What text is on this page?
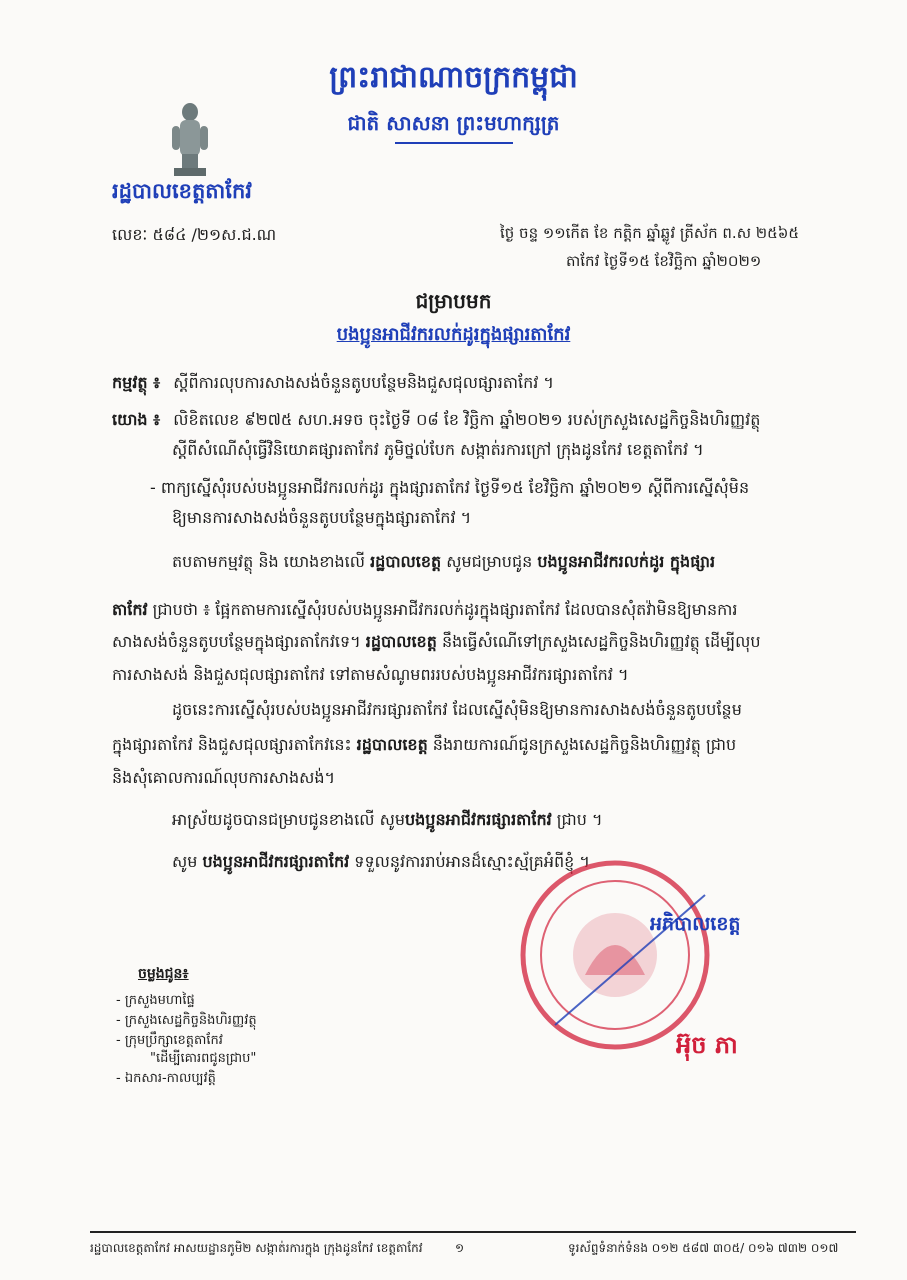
ព្រះរាជាណាចក្រកម្ពុជា
ជាតិ សាសនា ព្រះមហាក្សត្រ
រដ្ឋបាលខេត្តតាកែវ
លេខៈ ៥៨៤ /២១ស.ជ.ណ	ថ្ងៃ ចន្ទ ១១កើត ខែ កត្តិក ឆ្នាំឆ្លូវ ត្រីស័ក ព.ស ២៥៦៥
តាកែវ ថ្ងៃទី១៥ ខែវិច្ឆិកា ឆ្នាំ២០២១
ជម្រាបមក
បងប្អូនអាជីវករលក់ដូរក្នុងផ្សារតាកែវ
កម្មវត្ថុ ៖ ស្តីពីការលុបការសាងសង់ចំនួនតូបបន្ថែមនិងជួសជុលផ្សារតាកែវ ។
យោង ៖ លិខិតលេខ ៩២៧៥ សហ.អទច ចុះថ្ងៃទី ០៨ ខែ វិច្ឆិកា ឆ្នាំ២០២១ របស់ក្រសួងសេដ្ឋកិច្ចនិងហិរញ្ញវត្ថុ
ស្តីពីសំណើសុំធ្វើវិនិយោគផ្សារតាកែវ ភូមិថ្នល់បែក សង្កាត់រការក្រៅ ក្រុងដូនកែវ ខេត្តតាកែវ ។
- ពាក្យស្នើសុំរបស់បងប្អូនអាជីវករលក់ដូរ ក្នុងផ្សារតាកែវ ថ្ងៃទី១៥ ខែវិច្ឆិកា ឆ្នាំ២០២១ ស្តីពីការស្នើសុំមិន
ឱ្យមានការសាងសង់ចំនួនតូបបន្ថែមក្នុងផ្សារតាកែវ ។
តបតាមកម្មវត្ថុ និង យោងខាងលើ រដ្ឋបាលខេត្ត សូមជម្រាបជូន បងប្អូនអាជីវករលក់ដូរ ក្នុងផ្សារ
តាកែវ ជ្រាបថា ៖ ផ្អែកតាមការស្នើសុំរបស់បងប្អូនអាជីវករលក់ដូរក្នុងផ្សារតាកែវ ដែលបានសុំតវ៉ាមិនឱ្យមានការ
សាងសង់ចំនួនតូបបន្ថែមក្នុងផ្សារតាកែវទេ។ រដ្ឋបាលខេត្ត នឹងធ្វើសំណើទៅក្រសួងសេដ្ឋកិច្ចនិងហិរញ្ញវត្ថុ ដើម្បីលុប
ការសាងសង់ និងជួសជុលផ្សារតាកែវ ទៅតាមសំណូមពររបស់បងប្អូនអាជីវករផ្សារតាកែវ ។
ដូចនេះការស្នើសុំរបស់បងប្អូនអាជីវករផ្សារតាកែវ ដែលស្នើសុំមិនឱ្យមានការសាងសង់ចំនួនតូបបន្ថែម
ក្នុងផ្សារតាកែវ និងជួសជុលផ្សារតាកែវនេះ រដ្ឋបាលខេត្ត នឹងរាយការណ៍ជូនក្រសួងសេដ្ឋកិច្ចនិងហិរញ្ញវត្ថុ ជ្រាប
និងសុំគោលការណ៍លុបការសាងសង់។
អាស្រ័យដូចបានជម្រាបជូនខាងលើ សូមបងប្អូនអាជីវករផ្សារតាកែវ ជ្រាប ។
សូម បងប្អូនអាជីវករផ្សារតាកែវ ទទួលនូវការរាប់អានដ៏ស្មោះស្ម័គ្រអំពីខ្ញុំ ។
អភិបាលខេត្ត
អ៊ុច ភា
ចម្លងជូន៖
- ក្រសួងមហាផ្ទៃ
- ក្រសួងសេដ្ឋកិច្ចនិងហិរញ្ញវត្ថុ
- ក្រុមប្រឹក្សាខេត្តតាកែវ
"ដើម្បីគោរពជូនជ្រាប"
- ឯកសារ-កាលប្បវត្តិ
រដ្ឋបាលខេត្តតាកែវ អាសយដ្ឋានភូមិ២ សង្កាត់រការក្នុង ក្រុងដូនកែវ ខេត្តតាកែវ	១	ទូរស័ព្ទទំនាក់ទំនង ០១២ ៥៨៧ ៣០៥/ ០១៦ ៧៣២ ០១៧
